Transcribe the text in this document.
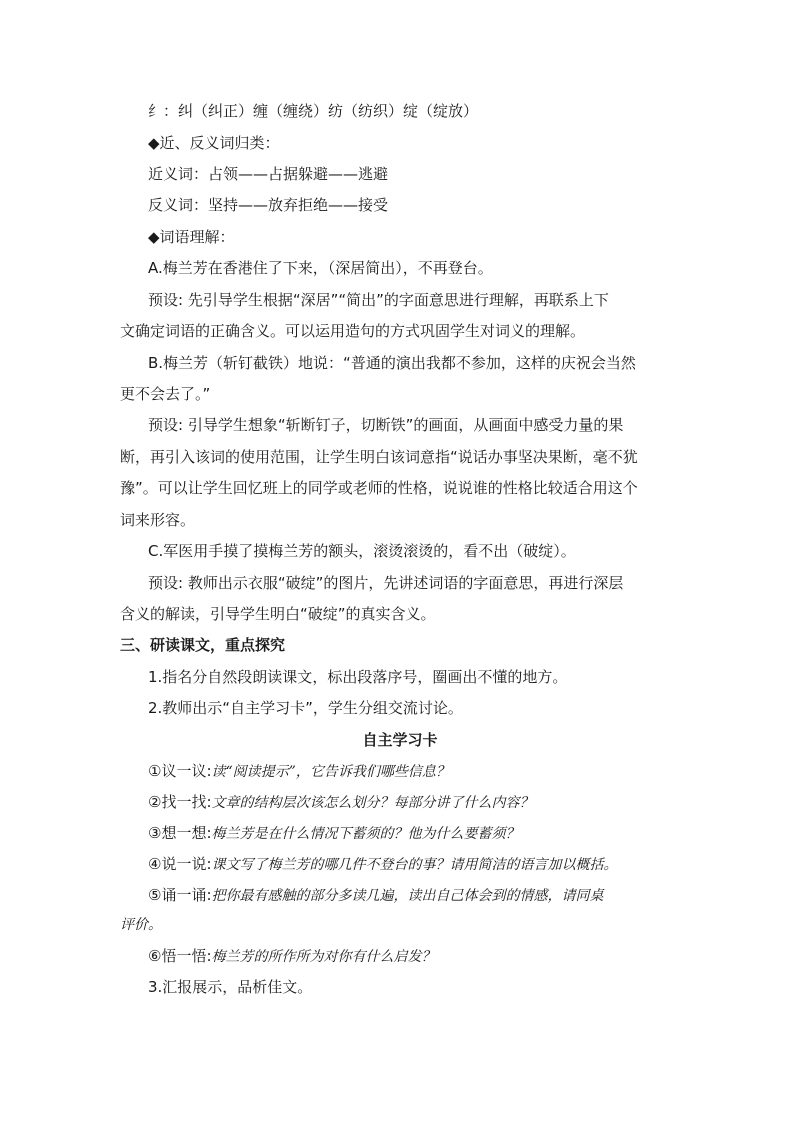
纟：纠（纠正）缠（缠绕）纺（纺织）绽（绽放）
◆近、反义词归类：
近义词：占领——占据躲避——逃避
反义词：坚持——放弃拒绝——接受
◆词语理解：
A.梅兰芳在香港住了下来，（深居简出），不再登台。
预设: 先引导学生根据“深居”“简出”的字面意思进行理解，再联系上下
文确定词语的正确含义。可以运用造句的方式巩固学生对词义的理解。
B.梅兰芳（斩钉截铁）地说：“普通的演出我都不参加，这样的庆祝会当然
更不会去了。”
预设: 引导学生想象“斩断钉子，切断铁”的画面，从画面中感受力量的果
断，再引入该词的使用范围，让学生明白该词意指“说话办事坚决果断，毫不犹
豫”。可以让学生回忆班上的同学或老师的性格，说说谁的性格比较适合用这个
词来形容。
C.军医用手摸了摸梅兰芳的额头，滚烫滚烫的，看不出（破绽）。
预设: 教师出示衣服“破绽”的图片，先讲述词语的字面意思，再进行深层
含义的解读，引导学生明白“破绽”的真实含义。
三、研读课文，重点探究
1.指名分自然段朗读课文，标出段落序号，圈画出不懂的地方。
2.教师出示“自主学习卡”，学生分组交流讨论。
自主学习卡
①议一议:读“阅读提示”，它告诉我们哪些信息？
②找一找:文章的结构层次该怎么划分？每部分讲了什么内容？
③想一想:梅兰芳是在什么情况下蓄须的？他为什么要蓄须？
④说一说:课文写了梅兰芳的哪几件不登台的事？请用简洁的语言加以概括。
⑤诵一诵:把你最有感触的部分多读几遍，读出自己体会到的情感，请同桌
评价。
⑥悟一悟:梅兰芳的所作所为对你有什么启发？
3.汇报展示，品析佳文。
